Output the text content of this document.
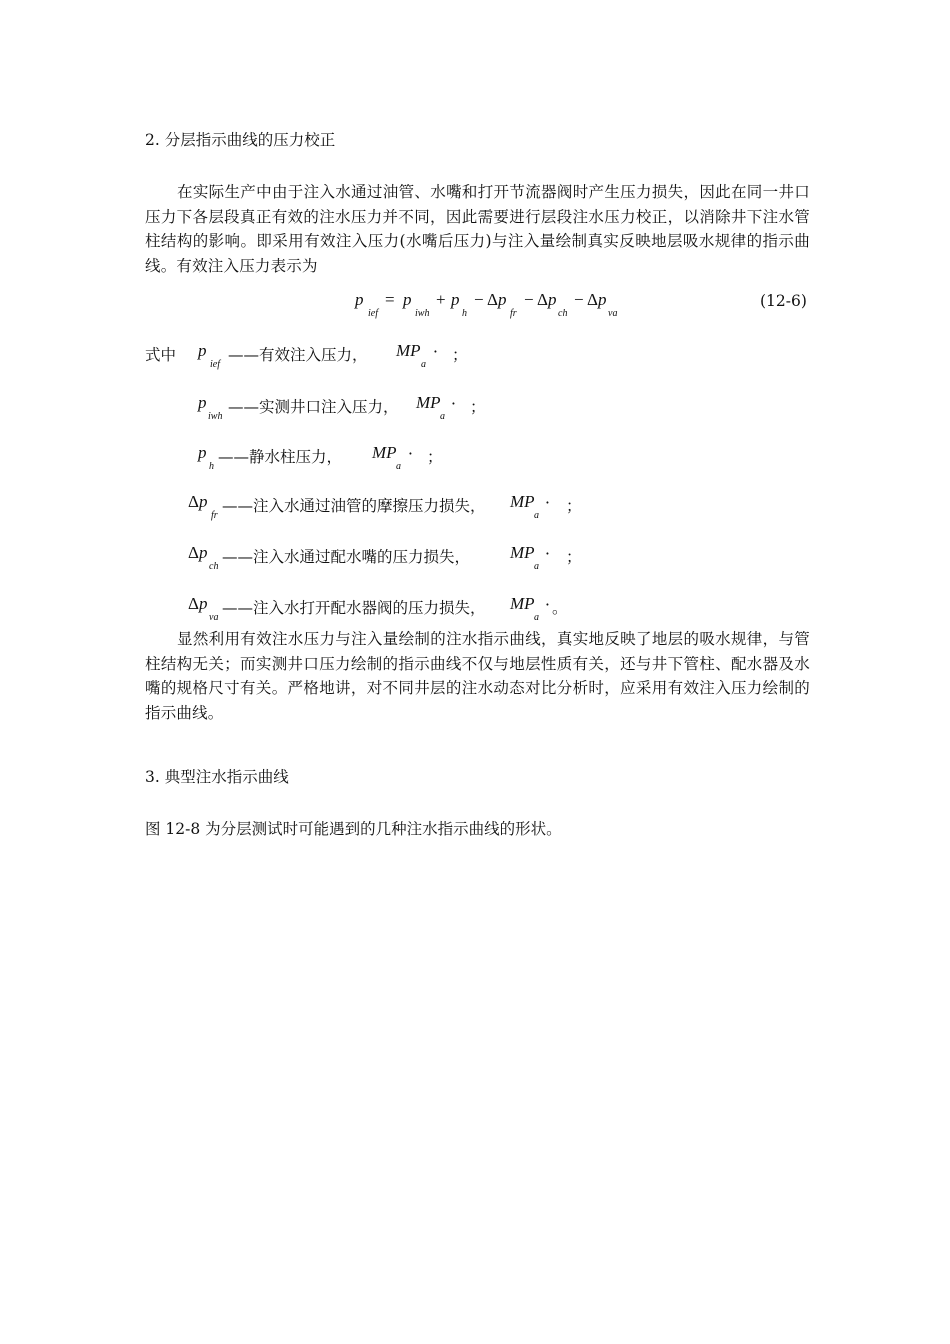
2. 分层指示曲线的压力校正
在实际生产中由于注入水通过油管、水嘴和打开节流器阀时产生压力损失，因此在同一井口压力下各层段真正有效的注水压力并不同，因此需要进行层段注水压力校正，以消除井下注水管柱结构的影响。即采用有效注入压力(水嘴后压力)与注入量绘制真实反映地层吸水规律的指示曲线。有效注入压力表示为
p
ief
= p
iwh
+ p
h
− Δ p
fr
− Δ p
ch
− Δ p
va
(12-6)
式中 p
ief
——有效注入压力， MP
a
· ；
p
iwh
——实测井口注入压力， MP
a
· ；
p
h
——静水柱压力， MP
a
· ；
Δ p
fr
——注入水通过油管的摩擦压力损失， MP
a
· ；
Δ p
ch
——注入水通过配水嘴的压力损失， MP
a
· ；
Δ p
va
——注入水打开配水器阀的压力损失， MP
a
· 。
显然利用有效注水压力与注入量绘制的注水指示曲线，真实地反映了地层的吸水规律，与管柱结构无关；而实测井口压力绘制的指示曲线不仅与地层性质有关，还与井下管柱、配水器及水嘴的规格尺寸有关。严格地讲，对不同井层的注水动态对比分析时，应采用有效注入压力绘制的指示曲线。
3. 典型注水指示曲线
图 12-8 为分层测试时可能遇到的几种注水指示曲线的形状。
